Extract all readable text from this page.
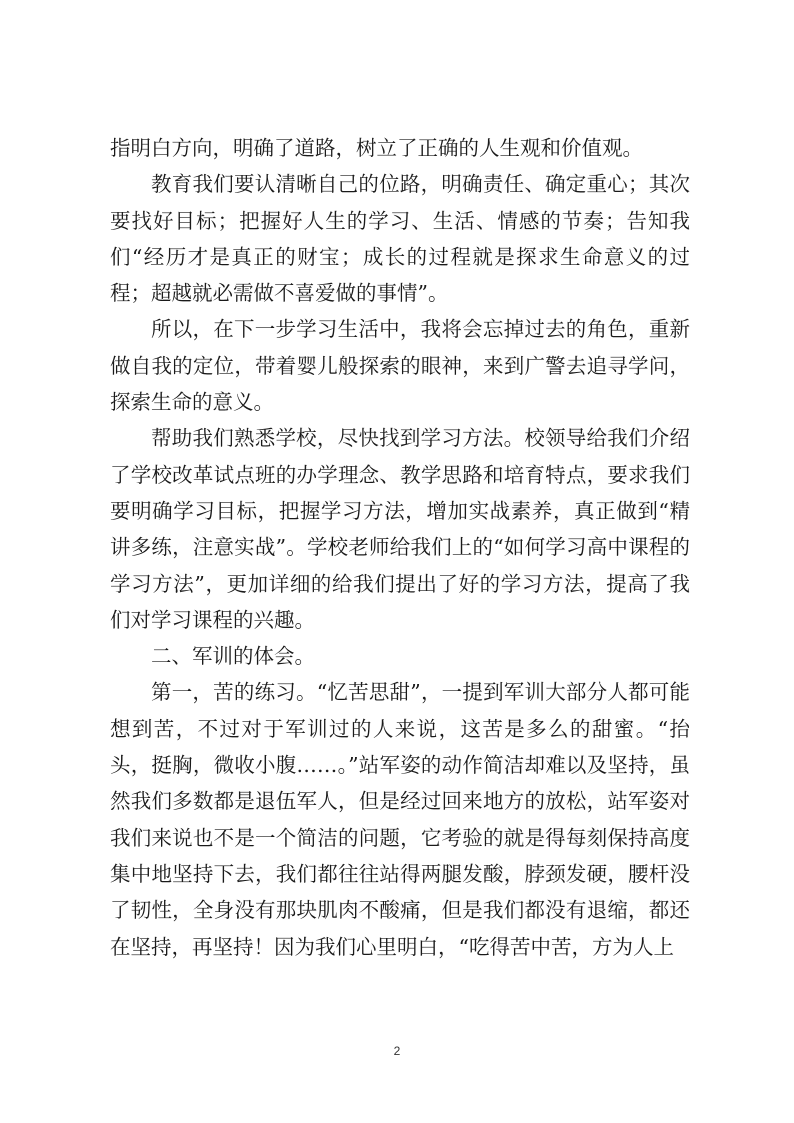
指明白方向，明确了道路，树立了正确的人生观和价值观。

教育我们要认清晰自己的位路，明确责任、确定重心；其次要找好目标；把握好人生的学习、生活、情感的节奏；告知我们“经历才是真正的财宝；成长的过程就是探求生命意义的过程；超越就必需做不喜爱做的事情”。

所以，在下一步学习生活中，我将会忘掉过去的角色，重新做自我的定位，带着婴儿般探索的眼神，来到广警去追寻学问，探索生命的意义。

帮助我们熟悉学校，尽快找到学习方法。校领导给我们介绍了学校改革试点班的办学理念、教学思路和培育特点，要求我们要明确学习目标，把握学习方法，增加实战素养，真正做到“精讲多练，注意实战”。学校老师给我们上的“如何学习高中课程的学习方法”，更加详细的给我们提出了好的学习方法，提高了我们对学习课程的兴趣。

二、军训的体会。

第一，苦的练习。“忆苦思甜”，一提到军训大部分人都可能想到苦，不过对于军训过的人来说，这苦是多么的甜蜜。“抬头，挺胸，微收小腹……。”站军姿的动作简洁却难以及坚持，虽然我们多数都是退伍军人，但是经过回来地方的放松，站军姿对我们来说也不是一个简洁的问题，它考验的就是得每刻保持高度集中地坚持下去，我们都往往站得两腿发酸，脖颈发硬，腰杆没了韧性，全身没有那块肌肉不酸痛，但是我们都没有退缩，都还在坚持，再坚持！因为我们心里明白，“吃得苦中苦，方为人上

2
